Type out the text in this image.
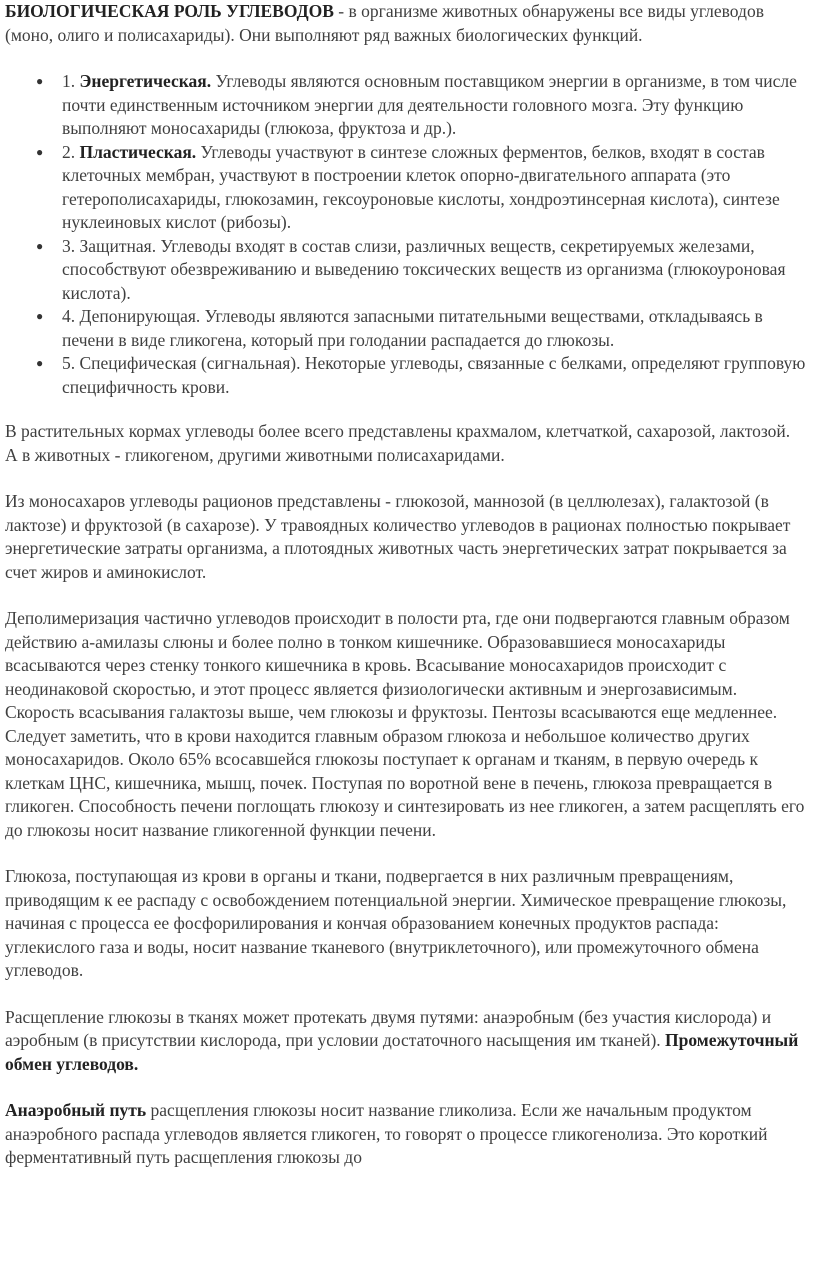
БИОЛОГИЧЕСКАЯ РОЛЬ УГЛЕВОДОВ - в организме животных обнаружены все виды углеводов (моно, олиго и полисахариды). Они выполняют ряд важных биологических функций.

● 1. Энергетическая. Углеводы являются основным поставщиком энергии в организме, в том числе почти единственным источником энергии для деятельности головного мозга. Эту функцию выполняют моносахариды (глюкоза, фруктоза и др.).
● 2. Пластическая. Углеводы участвуют в синтезе сложных ферментов, белков, входят в состав клеточных мембран, участвуют в построении клеток опорно-двигательного аппарата (это гетерополисахариды, глюкозамин, гексоуроновые кислоты, хондроэтинсерная кислота), синтезе нуклеиновых кислот (рибозы).
● 3. Защитная. Углеводы входят в состав слизи, различных веществ, секретируемых железами, способствуют обезвреживанию и выведению токсических веществ из организма (глюкоуроновая кислота).
● 4. Депонирующая. Углеводы являются запасными питательными веществами, откладываясь в печени в виде гликогена, который при голодании распадается до глюкозы.
● 5. Специфическая (сигнальная). Некоторые углеводы, связанные с белками, определяют групповую специфичность крови.

В растительных кормах углеводы более всего представлены крахмалом, клетчаткой, сахарозой, лактозой. А в животных - гликогеном, другими животными полисахаридами.

Из моносахаров углеводы рационов представлены - глюкозой, маннозой (в целлюлезах), галактозой (в лактозе) и фруктозой (в сахарозе). У травоядных количество углеводов в рационах полностью покрывает энергетические затраты организма, а плотоядных животных часть энергетических затрат покрывается за счет жиров и аминокислот.

Деполимеризация частично углеводов происходит в полости рта, где они подвергаются главным образом действию а-амилазы слюны и более полно в тонком кишечнике. Образовавшиеся моносахариды всасываются через стенку тонкого кишечника в кровь. Всасывание моносахаридов происходит с неодинаковой скоростью, и этот процесс является физиологически активным и энергозависимым. Скорость всасывания галактозы выше, чем глюкозы и фруктозы. Пентозы всасываются еще медленнее. Следует заметить, что в крови находится главным образом глюкоза и небольшое количество других моносахаридов. Около 65% всосавшейся глюкозы поступает к органам и тканям, в первую очередь к клеткам ЦНС, кишечника, мышц, почек. Поступая по воротной вене в печень, глюкоза превращается в гликоген. Способность печени поглощать глюкозу и синтезировать из нее гликоген, а затем расщеплять его до глюкозы носит название гликогенной функции печени.

Глюкоза, поступающая из крови в органы и ткани, подвергается в них различным превращениям, приводящим к ее распаду с освобождением потенциальной энергии. Химическое превращение глюкозы, начиная с процесса ее фосфорилирования и кончая образованием конечных продуктов распада: углекислого газа и воды, носит название тканевого (внутриклеточного), или промежуточного обмена углеводов.

Расщепление глюкозы в тканях может протекать двумя путями: анаэробным (без участия кислорода) и аэробным (в присутствии кислорода, при условии достаточного насыщения им тканей). Промежуточный обмен углеводов.

Анаэробный путь расщепления глюкозы носит название гликолиза. Если же начальным продуктом анаэробного распада углеводов является гликоген, то говорят о процессе гликогенолиза. Это короткий ферментативный путь расщепления глюкозы до
